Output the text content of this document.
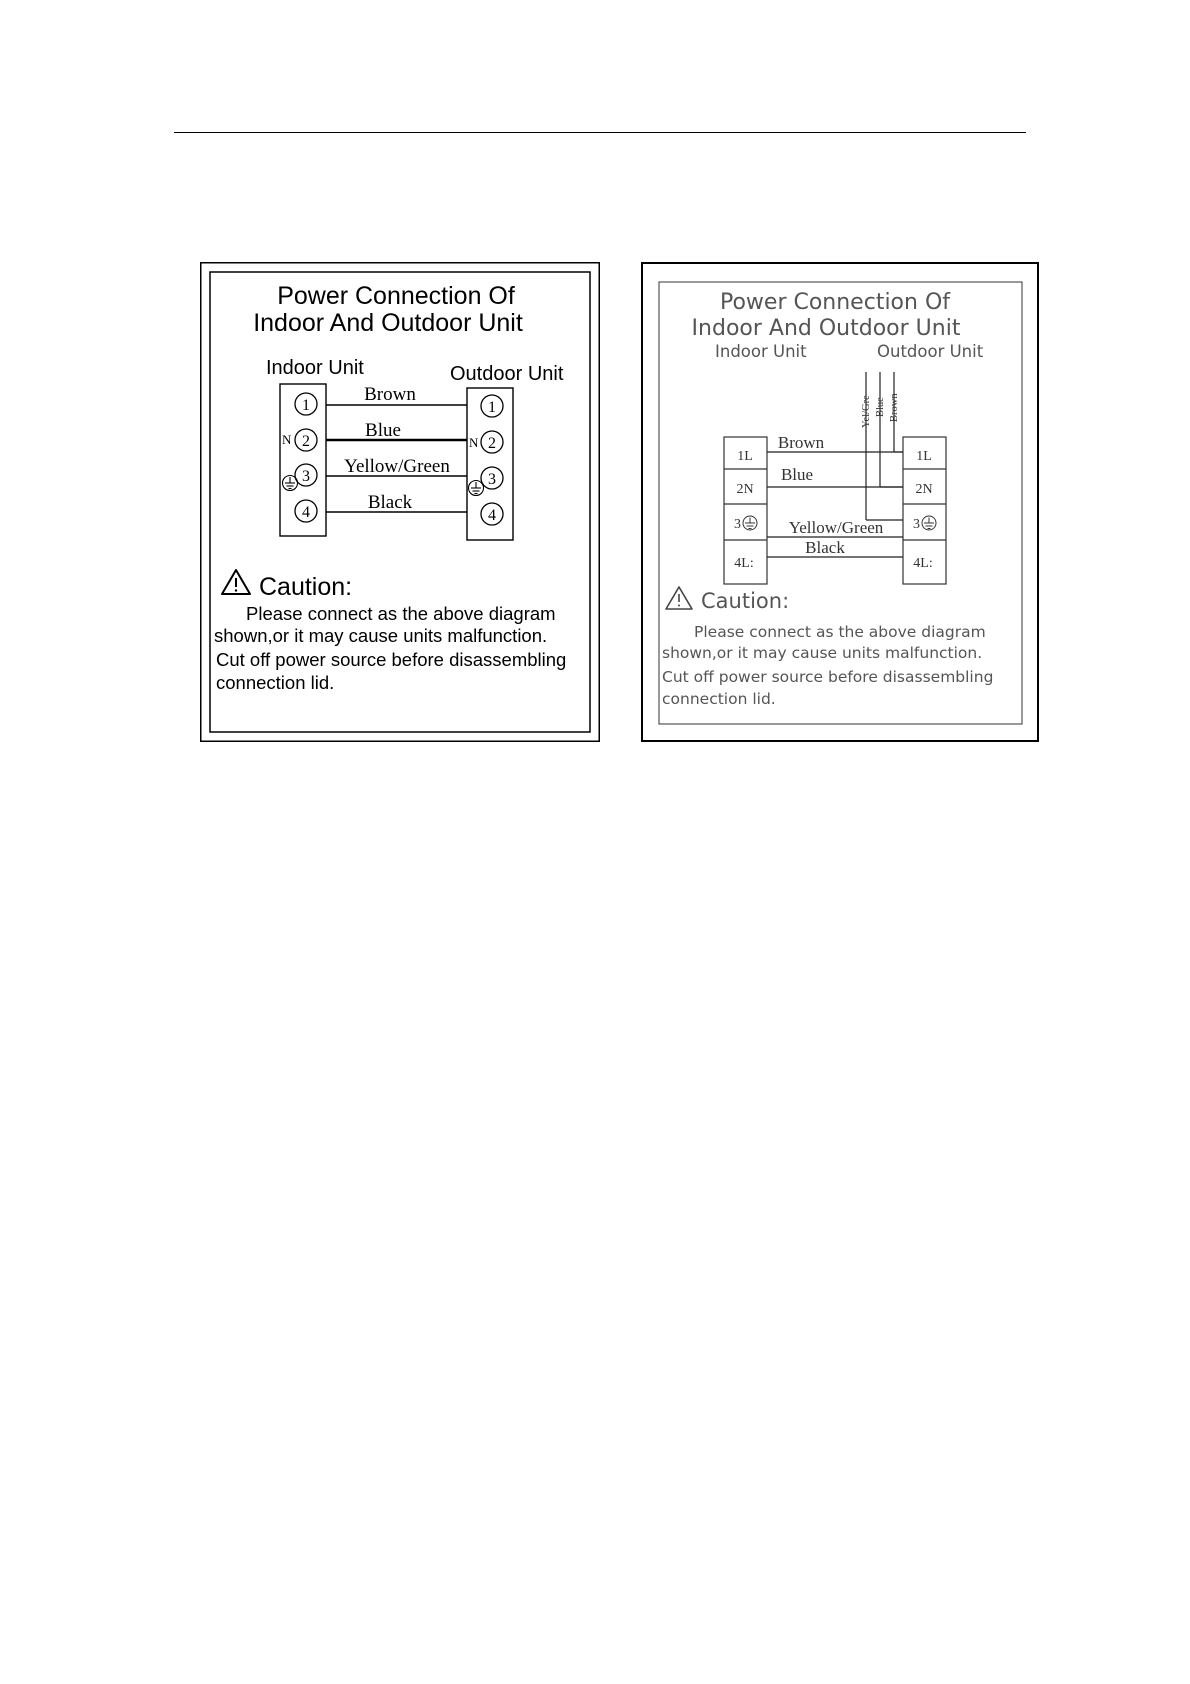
Power Connection Of
Indoor And Outdoor Unit
Indoor Unit	Outdoor Unit
Brown
Blue
Yellow/Green
Black
1
2
3
4
N
1
2
3
4
N
Caution:
Please connect as the above diagram
shown,or it may cause units malfunction.
Cut off power source before disassembling
connection lid.
Power Connection Of
Indoor And Outdoor Unit
Indoor Unit	Outdoor Unit
Yel/Gre Blue Brown
1L
2N
3
4L:
1L
2N
3
4L:
Brown
Blue
Yellow/Green
Black
Caution:
Please connect as the above diagram
shown,or it may cause units malfunction.
Cut off power source before disassembling
connection lid.
